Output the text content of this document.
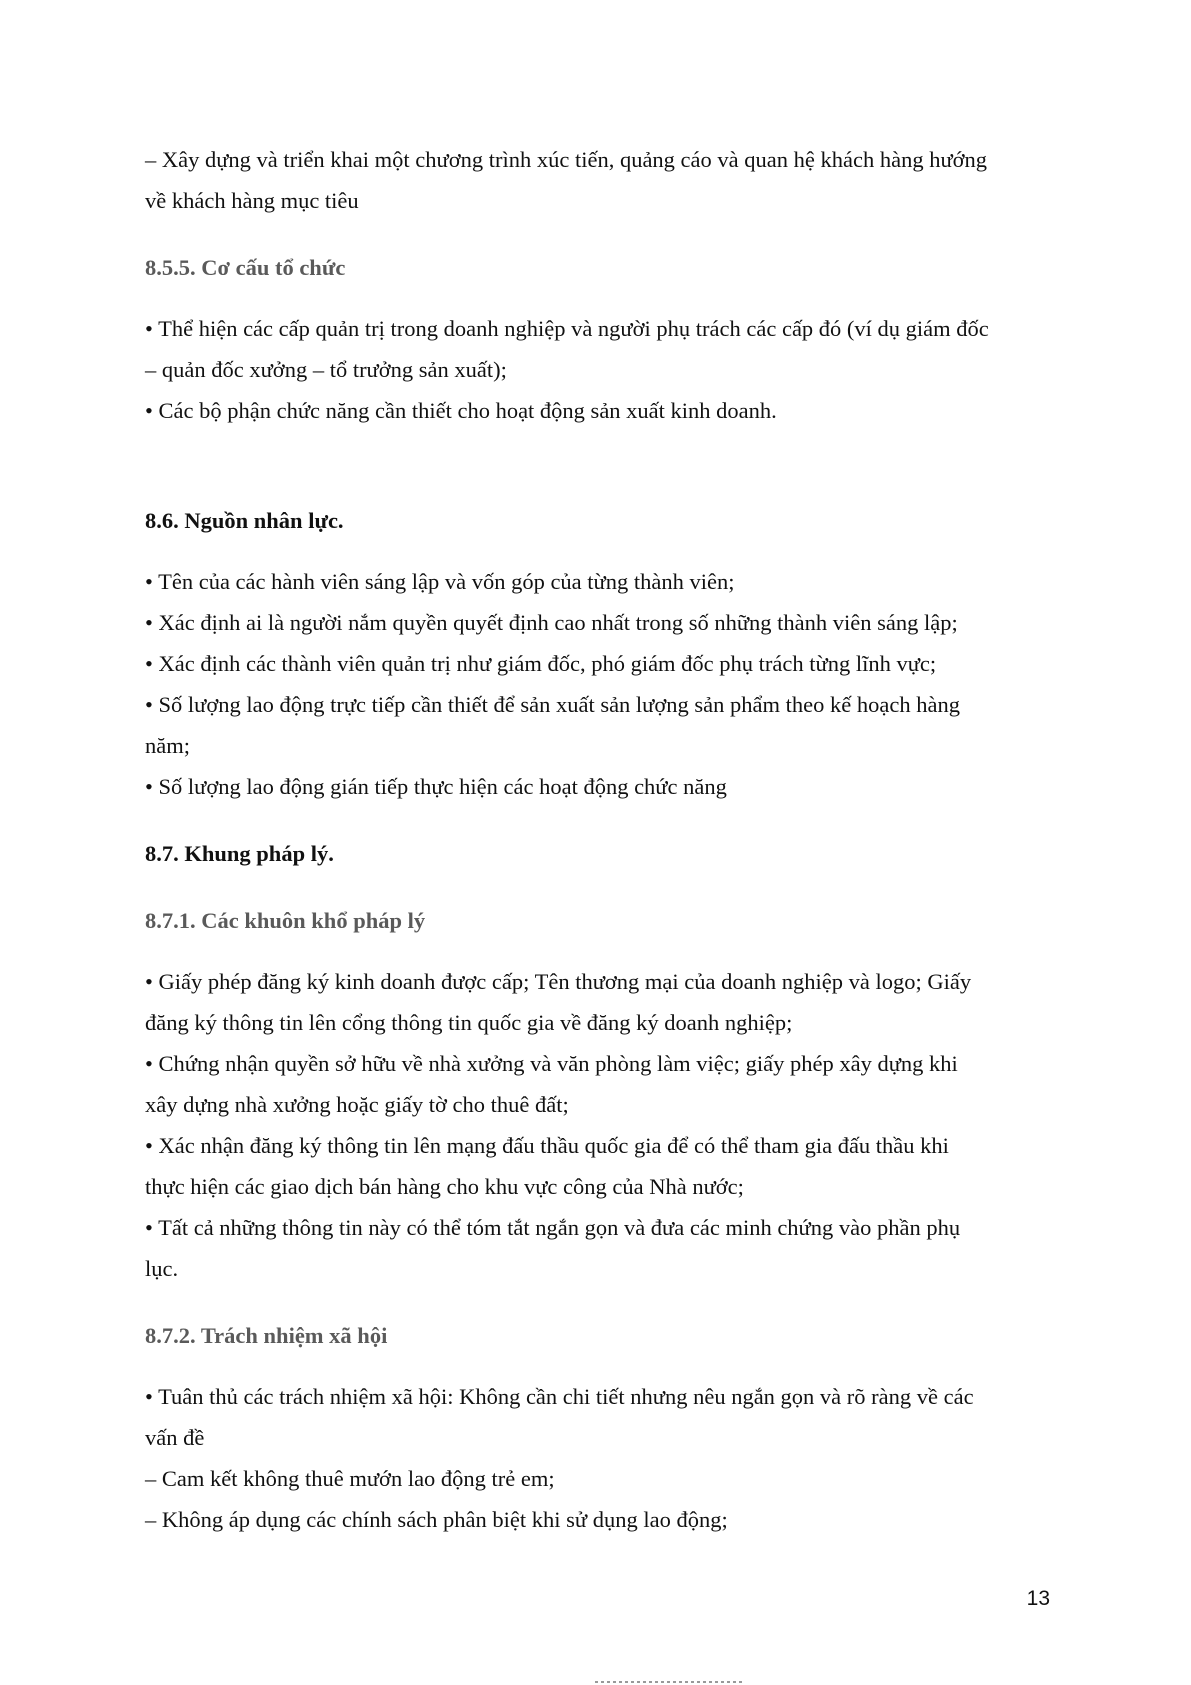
– Xây dựng và triển khai một chương trình xúc tiến, quảng cáo và quan hệ khách hàng hướng
về khách hàng mục tiêu
8.5.5. Cơ cấu tổ chức
• Thể hiện các cấp quản trị trong doanh nghiệp và người phụ trách các cấp đó (ví dụ giám đốc
– quản đốc xưởng – tổ trưởng sản xuất);
• Các bộ phận chức năng cần thiết cho hoạt động sản xuất kinh doanh.
8.6. Nguồn nhân lực.
• Tên của các hành viên sáng lập và vốn góp của từng thành viên;
• Xác định ai là người nắm quyền quyết định cao nhất trong số những thành viên sáng lập;
• Xác định các thành viên quản trị như giám đốc, phó giám đốc phụ trách từng lĩnh vực;
• Số lượng lao động trực tiếp cần thiết để sản xuất sản lượng sản phẩm theo kế hoạch hàng
năm;
• Số lượng lao động gián tiếp thực hiện các hoạt động chức năng
8.7. Khung pháp lý.
8.7.1. Các khuôn khổ pháp lý
• Giấy phép đăng ký kinh doanh được cấp; Tên thương mại của doanh nghiệp và logo; Giấy
đăng ký thông tin lên cổng thông tin quốc gia về đăng ký doanh nghiệp;
• Chứng nhận quyền sở hữu về nhà xưởng và văn phòng làm việc; giấy phép xây dựng khi
xây dựng nhà xưởng hoặc giấy tờ cho thuê đất;
• Xác nhận đăng ký thông tin lên mạng đấu thầu quốc gia để có thể tham gia đấu thầu khi
thực hiện các giao dịch bán hàng cho khu vực công của Nhà nước;
• Tất cả những thông tin này có thể tóm tắt ngắn gọn và đưa các minh chứng vào phần phụ
lục.
8.7.2. Trách nhiệm xã hội
• Tuân thủ các trách nhiệm xã hội: Không cần chi tiết nhưng nêu ngắn gọn và rõ ràng về các
vấn đề
– Cam kết không thuê mướn lao động trẻ em;
– Không áp dụng các chính sách phân biệt khi sử dụng lao động;
13
